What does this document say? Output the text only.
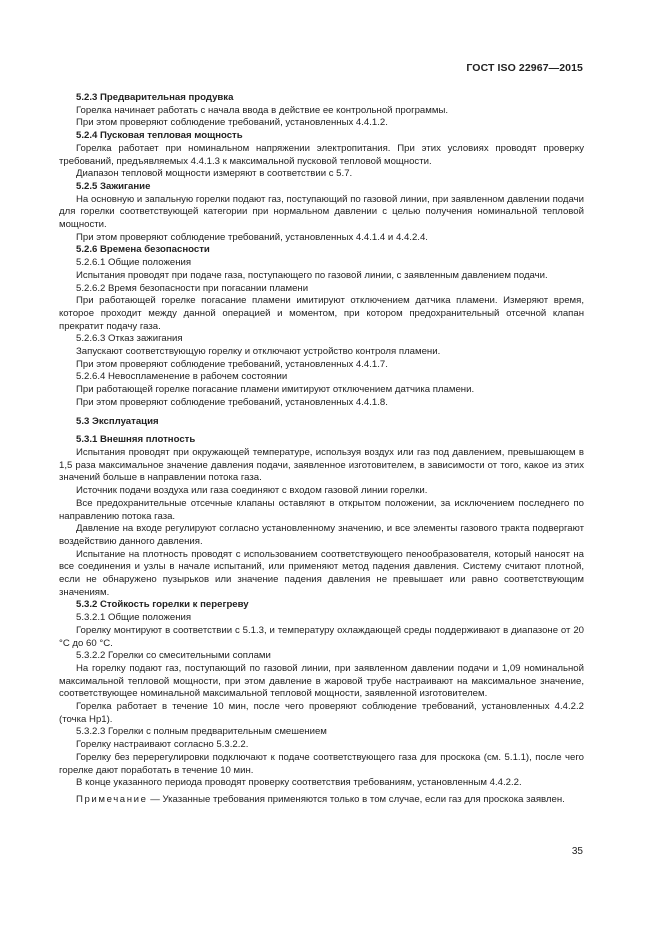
ГОСТ ISO 22967—2015

5.2.3 Предварительная продувка

Горелка начинает работать с начала ввода в действие ее контрольной программы.

При этом проверяют соблюдение требований, установленных 4.4.1.2.

5.2.4 Пусковая тепловая мощность

Горелка работает при номинальном напряжении электропитания. При этих условиях проводят проверку требований, предъявляемых 4.4.1.3 к максимальной пусковой тепловой мощности.

Диапазон тепловой мощности измеряют в соответствии с 5.7.

5.2.5 Зажигание

На основную и запальную горелки подают газ, поступающий по газовой линии, при заявленном давлении подачи для горелки соответствующей категории при нормальном давлении с целью получения номинальной тепловой мощности.

При этом проверяют соблюдение требований, установленных 4.4.1.4 и 4.4.2.4.

5.2.6 Времена безопасности

5.2.6.1 Общие положения

Испытания проводят при подаче газа, поступающего по газовой линии, с заявленным давлением подачи.

5.2.6.2 Время безопасности при погасании пламени

При работающей горелке погасание пламени имитируют отключением датчика пламени. Измеряют время, которое проходит между данной операцией и моментом, при котором предохранительный отсечной клапан прекратит подачу газа.

5.2.6.3 Отказ зажигания

Запускают соответствующую горелку и отключают устройство контроля пламени.

При этом проверяют соблюдение требований, установленных 4.4.1.7.

5.2.6.4 Невоспламенение в рабочем состоянии

При работающей горелке погасание пламени имитируют отключением датчика пламени.

При этом проверяют соблюдение требований, установленных 4.4.1.8.

5.3 Эксплуатация

5.3.1 Внешняя плотность

Испытания проводят при окружающей температуре, используя воздух или газ под давлением, превышающем в 1,5 раза максимальное значение давления подачи, заявленное изготовителем, в зависимости от того, какое из этих значений больше в направлении потока газа.

Источник подачи воздуха или газа соединяют с входом газовой линии горелки.

Все предохранительные отсечные клапаны оставляют в открытом положении, за исключением последнего по направлению потока газа.

Давление на входе регулируют согласно установленному значению, и все элементы газового тракта подвергают воздействию данного давления.

Испытание на плотность проводят с использованием соответствующего пенообразователя, который наносят на все соединения и узлы в начале испытаний, или применяют метод падения давления. Систему считают плотной, если не обнаружено пузырьков или значение падения давления не превышает или равно соответствующим значениям.

5.3.2 Стойкость горелки к перегреву

5.3.2.1 Общие положения

Горелку монтируют в соответствии с 5.1.3, и температуру охлаждающей среды поддерживают в диапазоне от 20 °С до 60 °С.

5.3.2.2 Горелки со смесительными соплами

На горелку подают газ, поступающий по газовой линии, при заявленном давлении подачи и 1,09 номинальной максимальной тепловой мощности, при этом давление в жаровой трубе настраивают на максимальное значение, соответствующее номинальной максимальной тепловой мощности, заявленной изготовителем.

Горелка работает в течение 10 мин, после чего проверяют соблюдение требований, установленных 4.4.2.2 (точка Нр1).

5.3.2.3 Горелки с полным предварительным смешением

Горелку настраивают согласно 5.3.2.2.

Горелку без перерегулировки подключают к подаче соответствующего газа для проскока (см. 5.1.1), после чего горелке дают поработать в течение 10 мин.

В конце указанного периода проводят проверку соответствия требованиям, установленным 4.4.2.2.

Примечание — Указанные требования применяются только в том случае, если газ для проскока заявлен.

35
